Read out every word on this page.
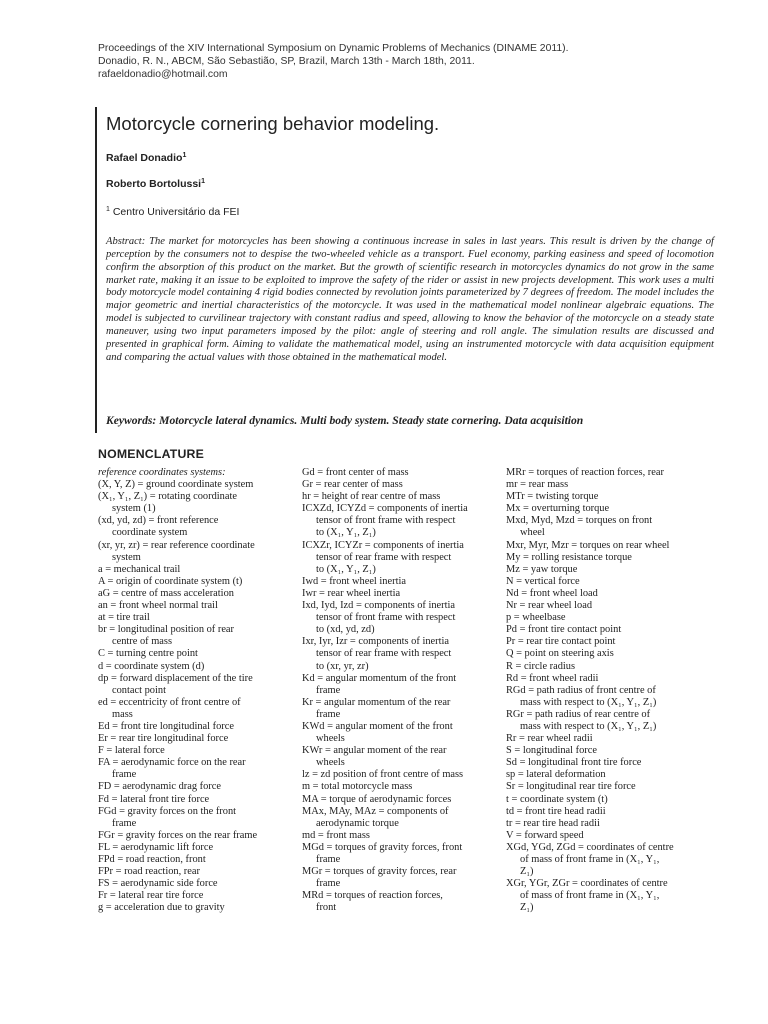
Proceedings of the XIV International Symposium on Dynamic Problems of Mechanics (DINAME 2011).
Donadio, R. N., ABCM, São Sebastião, SP, Brazil, March 13th - March 18th, 2011.
rafaeldonadio@hotmail.com
Motorcycle cornering behavior modeling.
Rafael Donadio$^1$
Roberto Bortolussi$^1$
$^1$ Centro Universitário da FEI

Abstract: The market for motorcycles has been showing a continuous increase in sales in last years. This result is driven by the change of perception by the consumers not to despise the two-wheeled vehicle as a transport. Fuel economy, parking easiness and speed of locomotion confirm the absorption of this product on the market. But the growth of scientific research in motorcycles dynamics do not grow in the same market rate, making it an issue to be exploited to improve the safety of the rider or assist in new projects development. This work uses a multi body motorcycle model containing 4 rigid bodies connected by revolution joints parameterized by 7 degrees of freedom. The model includes the major geometric and inertial characteristics of the motorcycle. It was used in the mathematical model nonlinear algebraic equations. The model is subjected to curvilinear trajectory with constant radius and speed, allowing to know the behavior of the motorcycle on a steady state maneuver, using two input parameters imposed by the pilot: angle of steering and roll angle. The simulation results are discussed and presented in graphical form. Aiming to validate the mathematical model, using an instrumented motorcycle with data acquisition equipment and comparing the actual values with those obtained in the mathematical model.

Keywords: Motorcycle lateral dynamics. Multi body system. Steady state cornering. Data acquisition
NOMENCLATURE
reference coordinates systems:
(X, Y, Z) = ground coordinate system
(X₁, Y₁, Z₁) = rotating coordinate
system (1)
(xd, yd, zd) = front reference
coordinate system
(xr, yr, zr) = rear reference coordinate
system
a = mechanical trail
A = origin of coordinate system (t)
aG = centre of mass acceleration
an = front wheel normal trail
at = tire trail
br = longitudinal position of rear
centre of mass
C = turning centre point
d = coordinate system (d)
dp = forward displacement of the tire
contact point
ed = eccentricity of front centre of
mass
Ed = front tire longitudinal force
Er = rear tire longitudinal force
F = lateral force
FA = aerodynamic force on the rear
frame
FD = aerodynamic drag force
Fd = lateral front tire force
FGd = gravity forces on the front
frame
FGr = gravity forces on the rear frame
FL = aerodynamic lift force
FPd = road reaction, front
FPr = road reaction, rear
FS = aerodynamic side force
Fr = lateral rear tire force
g = acceleration due to gravity
Gd = front center of mass
Gr = rear center of mass
hr = height of rear centre of mass
ICXZd, ICYZd = components of inertia
tensor of front frame with respect
to (X₁, Y₁, Z₁)
ICXZr, ICYZr = components of inertia
tensor of rear frame with respect
to (X₁, Y₁, Z₁)
Iwd = front wheel inertia
Iwr = rear wheel inertia
Ixd, Iyd, Izd = components of inertia
tensor of front frame with respect
to (xd, yd, zd)
Ixr, Iyr, Izr = components of inertia
tensor of rear frame with respect
to (xr, yr, zr)
Kd = angular momentum of the front
frame
Kr = angular momentum of the rear
frame
KWd = angular moment of the front
wheels
KWr = angular moment of the rear
wheels
lz = zd position of front centre of mass
m = total motorcycle mass
MA = torque of aerodynamic forces
MAx, MAy, MAz = components of
aerodynamic torque
md = front mass
MGd = torques of gravity forces, front
frame
MGr = torques of gravity forces, rear
frame
MRd = torques of reaction forces,
front
MRr = torques of reaction forces, rear
mr = rear mass
MTr = twisting torque
Mx = overturning torque
Mxd, Myd, Mzd = torques on front
wheel
Mxr, Myr, Mzr = torques on rear wheel
My = rolling resistance torque
Mz = yaw torque
N = vertical force
Nd = front wheel load
Nr = rear wheel load
p = wheelbase
Pd = front tire contact point
Pr = rear tire contact point
Q = point on steering axis
R = circle radius
Rd = front wheel radii
RGd = path radius of front centre of
mass with respect to (X₁, Y₁, Z₁)
RGr = path radius of rear centre of
mass with respect to (X₁, Y₁, Z₁)
Rr = rear wheel radii
S = longitudinal force
Sd = longitudinal front tire force
sp = lateral deformation
Sr = longitudinal rear tire force
t = coordinate system (t)
td = front tire head radii
tr = rear tire head radii
V = forward speed
XGd, YGd, ZGd = coordinates of centre
of mass of front frame in (X₁, Y₁,
Z₁)
XGr, YGr, ZGr = coordinates of centre
of mass of front frame in (X₁, Y₁,
Z₁)
